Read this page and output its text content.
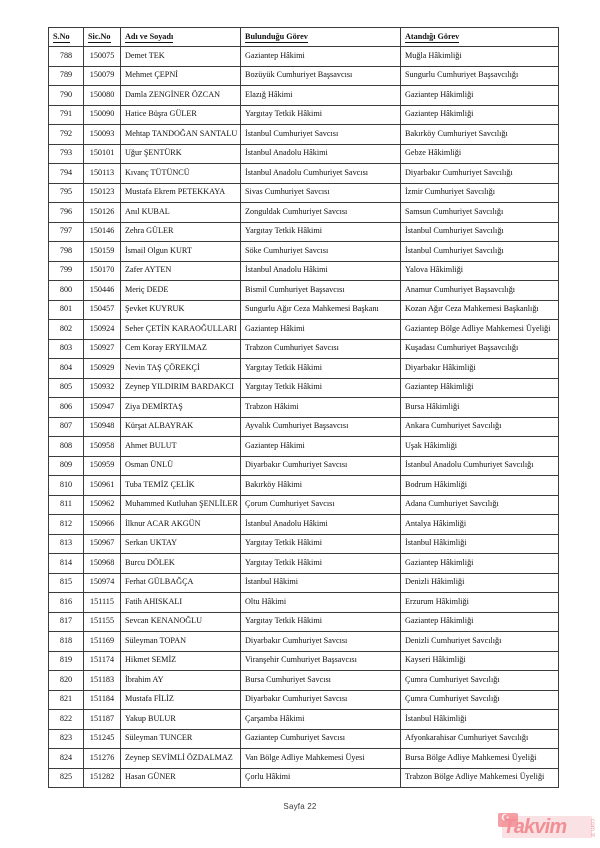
S.No	Sic.No	Adı ve Soyadı	Bulunduğu Görev	Atandığı Görev
788	150075	Demet TEK	Gaziantep Hâkimi	Muğla Hâkimliği
789	150079	Mehmet ÇEPNİ	Bozüyük Cumhuriyet Başsavcısı	Sungurlu Cumhuriyet Başsavcılığı
790	150080	Damla ZENGİNER ÖZCAN	Elazığ Hâkimi	Gaziantep Hâkimliği
791	150090	Hatice Büşra GÜLER	Yargıtay Tetkik Hâkimi	Gaziantep Hâkimliği
792	150093	Mehtap TANDOĞAN SANTALU	İstanbul Cumhuriyet Savcısı	Bakırköy Cumhuriyet Savcılığı
793	150101	Uğur ŞENTÜRK	İstanbul Anadolu Hâkimi	Gebze Hâkimliği
794	150113	Kıvanç TÜTÜNCÜ	İstanbul Anadolu Cumhuriyet Savcısı	Diyarbakır Cumhuriyet Savcılığı
795	150123	Mustafa Ekrem PETEKKAYA	Sivas Cumhuriyet Savcısı	İzmir Cumhuriyet Savcılığı
796	150126	Anıl KUBAL	Zonguldak Cumhuriyet Savcısı	Samsun Cumhuriyet Savcılığı
797	150146	Zehra GÜLER	Yargıtay Tetkik Hâkimi	İstanbul Cumhuriyet Savcılığı
798	150159	İsmail Olgun KURT	Söke Cumhuriyet Savcısı	İstanbul Cumhuriyet Savcılığı
799	150170	Zafer AYTEN	İstanbul Anadolu Hâkimi	Yalova Hâkimliği
800	150446	Meriç DEDE	Bismil Cumhuriyet Başsavcısı	Anamur Cumhuriyet Başsavcılığı
801	150457	Şevket KUYRUK	Sungurlu Ağır Ceza Mahkemesi Başkanı	Kozan Ağır Ceza Mahkemesi Başkanlığı
802	150924	Seher ÇETİN KARAOĞULLARI	Gaziantep Hâkimi	Gaziantep Bölge Adliye Mahkemesi Üyeliği
803	150927	Cem Koray ERYILMAZ	Trabzon Cumhuriyet Savcısı	Kuşadası Cumhuriyet Başsavcılığı
804	150929	Nevin TAŞ ÇÖREKÇİ	Yargıtay Tetkik Hâkimi	Diyarbakır Hâkimliği
805	150932	Zeynep YILDIRIM BARDAKCI	Yargıtay Tetkik Hâkimi	Gaziantep Hâkimliği
806	150947	Ziya DEMİRTAŞ	Trabzon Hâkimi	Bursa Hâkimliği
807	150948	Kürşat ALBAYRAK	Ayvalık Cumhuriyet Başsavcısı	Ankara Cumhuriyet Savcılığı
808	150958	Ahmet BULUT	Gaziantep Hâkimi	Uşak Hâkimliği
809	150959	Osman ÜNLÜ	Diyarbakır Cumhuriyet Savcısı	İstanbul Anadolu Cumhuriyet Savcılığı
810	150961	Tuba TEMİZ ÇELİK	Bakırköy Hâkimi	Bodrum Hâkimliği
811	150962	Muhammed Kutluhan ŞENLİLER	Çorum Cumhuriyet Savcısı	Adana Cumhuriyet Savcılığı
812	150966	İlknur ACAR AKGÜN	İstanbul Anadolu Hâkimi	Antalya Hâkimliği
813	150967	Serkan UKTAY	Yargıtay Tetkik Hâkimi	İstanbul Hâkimliği
814	150968	Burcu DÖLEK	Yargıtay Tetkik Hâkimi	Gaziantep Hâkimliği
815	150974	Ferhat GÜLBAĞÇA	İstanbul Hâkimi	Denizli Hâkimliği
816	151115	Fatih AHISKALI	Oltu Hâkimi	Erzurum Hâkimliği
817	151155	Sevcan KENANOĞLU	Yargıtay Tetkik Hâkimi	Gaziantep Hâkimliği
818	151169	Süleyman TOPAN	Diyarbakır Cumhuriyet Savcısı	Denizli Cumhuriyet Savcılığı
819	151174	Hikmet SEMİZ	Viranşehir Cumhuriyet Başsavcısı	Kayseri Hâkimliği
820	151183	İbrahim AY	Bursa Cumhuriyet Savcısı	Çumra Cumhuriyet Savcılığı
821	151184	Mustafa FİLİZ	Diyarbakır Cumhuriyet Savcısı	Çumra Cumhuriyet Savcılığı
822	151187	Yakup BULUR	Çarşamba Hâkimi	İstanbul Hâkimliği
823	151245	Süleyman TUNCER	Gaziantep Cumhuriyet Savcısı	Afyonkarahisar Cumhuriyet Savcılığı
824	151276	Zeynep SEVİMLİ ÖZDALMAZ	Van Bölge Adliye Mahkemesi Üyesi	Bursa Bölge Adliye Mahkemesi Üyeliği
825	151282	Hasan GÜNER	Çorlu Hâkimi	Trabzon Bölge Adliye Mahkemesi Üyeliği
Sayfa 22
☪
Takvim	com.tr
